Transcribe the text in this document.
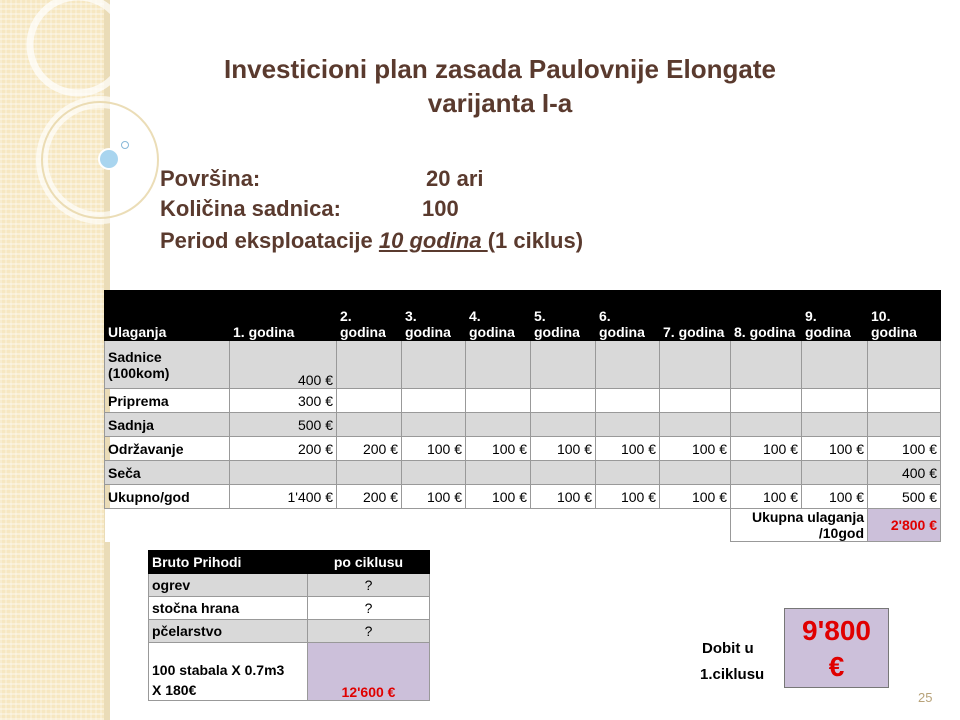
Investicioni plan zasada Paulovnije Elongate
varijanta I-a
Površina:	20 ari
Količina sadnica:	100
Period eksploatacije 10 godina (1 ciklus)
Ulaganja	1. godina	2. godina	3. godina	4. godina	5. godina	6. godina	7. godina	8. godina	9. godina	10. godina
Sadnice (100kom)	400 €									
Priprema	300 €									
Sadnja	500 €									
Održavanje	200 €	200 €	100 €	100 €	100 €	100 €	100 €	100 €	100 €	100 €
Seča										400 €
Ukupno/god	1'400 €	200 €	100 €	100 €	100 €	100 €	100 €	100 €	100 €	500 €
								Ukupna ulaganja /10god		2'800 €
Bruto Prihodi	po ciklusu
ogrev	?
stočna hrana	?
pčelarstvo	?

100 stabala X 0.7m3
X 180€	12'600 €
Dobit u
1.ciklusu
9'800
€
25
